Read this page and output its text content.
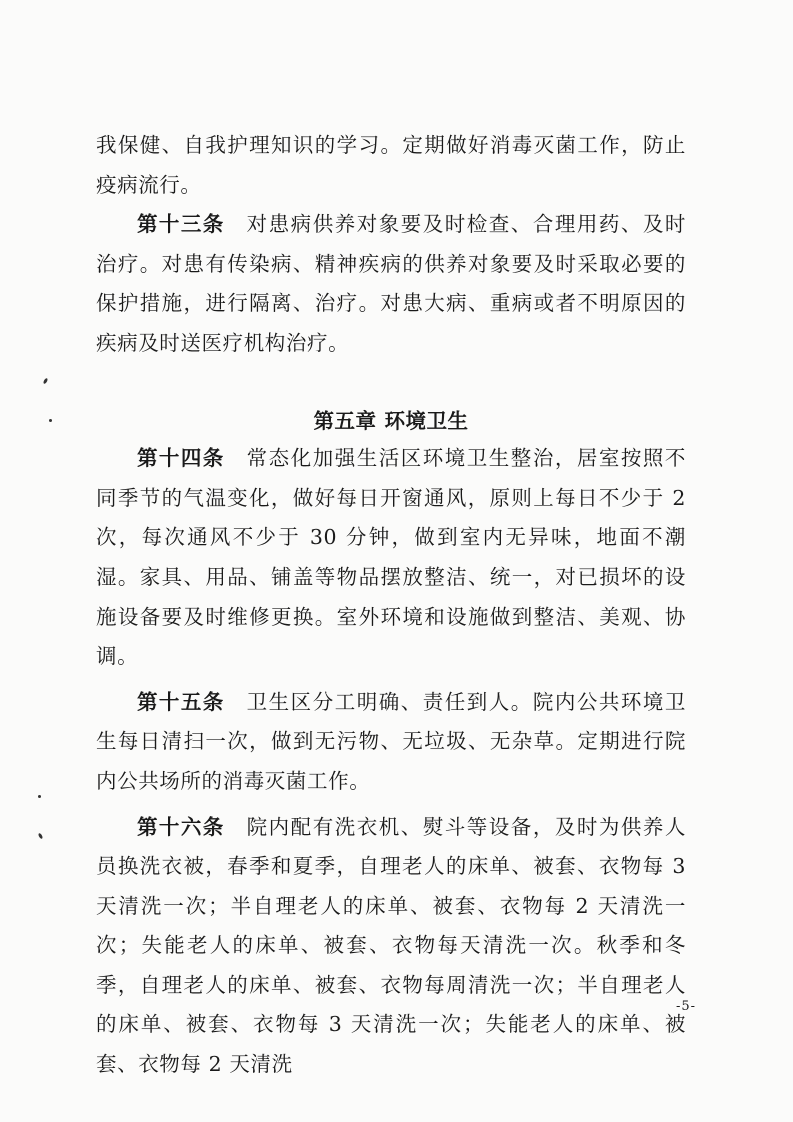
我保健、自我护理知识的学习。定期做好消毒灭菌工作，防止疫病流行。

第十三条 对患病供养对象要及时检查、合理用药、及时治疗。对患有传染病、精神疾病的供养对象要及时采取必要的保护措施，进行隔离、治疗。对患大病、重病或者不明原因的疾病及时送医疗机构治疗。

第五章 环境卫生

第十四条 常态化加强生活区环境卫生整治，居室按照不同季节的气温变化，做好每日开窗通风，原则上每日不少于 2 次，每次通风不少于 30 分钟，做到室内无异味，地面不潮湿。家具、用品、铺盖等物品摆放整洁、统一，对已损坏的设施设备要及时维修更换。室外环境和设施做到整洁、美观、协调。

第十五条 卫生区分工明确、责任到人。院内公共环境卫生每日清扫一次，做到无污物、无垃圾、无杂草。定期进行院内公共场所的消毒灭菌工作。

第十六条 院内配有洗衣机、熨斗等设备，及时为供养人员换洗衣被，春季和夏季，自理老人的床单、被套、衣物每 3 天清洗一次；半自理老人的床单、被套、衣物每 2 天清洗一次；失能老人的床单、被套、衣物每天清洗一次。秋季和冬季，自理老人的床单、被套、衣物每周清洗一次；半自理老人的床单、被套、衣物每 3 天清洗一次；失能老人的床单、被套、衣物每 2 天清洗

-5-
